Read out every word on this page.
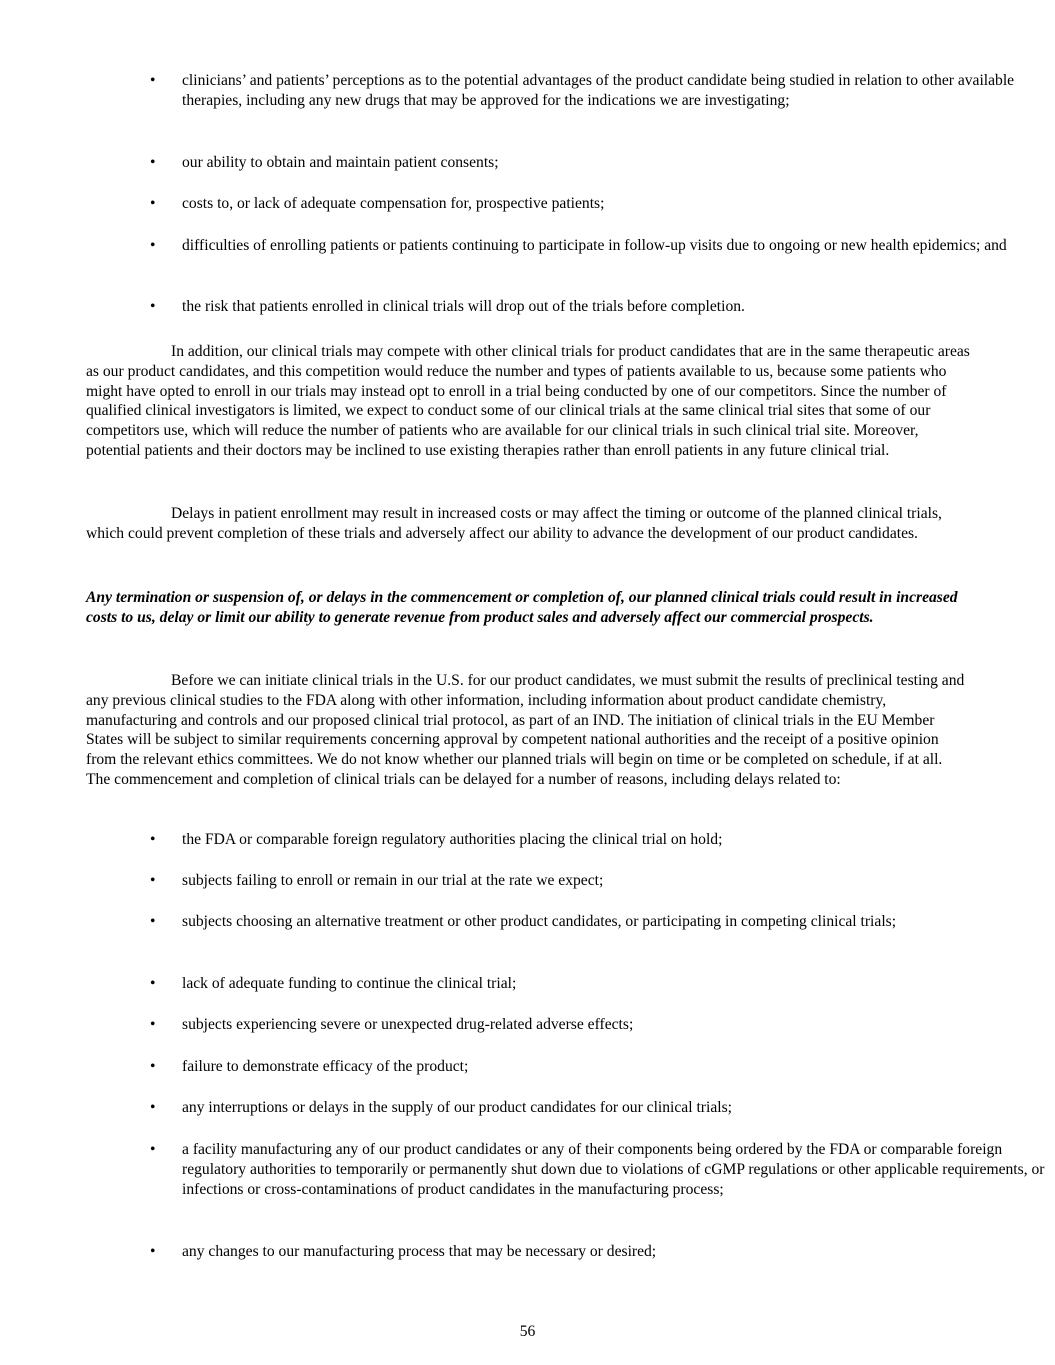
• clinicians’ and patients’ perceptions as to the potential advantages of the product candidate being studied in relation to other available therapies, including any new drugs that may be approved for the indications we are investigating;
• our ability to obtain and maintain patient consents;
• costs to, or lack of adequate compensation for, prospective patients;
• difficulties of enrolling patients or patients continuing to participate in follow-up visits due to ongoing or new health epidemics; and
• the risk that patients enrolled in clinical trials will drop out of the trials before completion.

In addition, our clinical trials may compete with other clinical trials for product candidates that are in the same therapeutic areas as our product candidates, and this competition would reduce the number and types of patients available to us, because some patients who might have opted to enroll in our trials may instead opt to enroll in a trial being conducted by one of our competitors. Since the number of qualified clinical investigators is limited, we expect to conduct some of our clinical trials at the same clinical trial sites that some of our competitors use, which will reduce the number of patients who are available for our clinical trials in such clinical trial site. Moreover, potential patients and their doctors may be inclined to use existing therapies rather than enroll patients in any future clinical trial.

Delays in patient enrollment may result in increased costs or may affect the timing or outcome of the planned clinical trials, which could prevent completion of these trials and adversely affect our ability to advance the development of our product candidates.

Any termination or suspension of, or delays in the commencement or completion of, our planned clinical trials could result in increased costs to us, delay or limit our ability to generate revenue from product sales and adversely affect our commercial prospects.

Before we can initiate clinical trials in the U.S. for our product candidates, we must submit the results of preclinical testing and any previous clinical studies to the FDA along with other information, including information about product candidate chemistry, manufacturing and controls and our proposed clinical trial protocol, as part of an IND. The initiation of clinical trials in the EU Member States will be subject to similar requirements concerning approval by competent national authorities and the receipt of a positive opinion from the relevant ethics committees. We do not know whether our planned trials will begin on time or be completed on schedule, if at all. The commencement and completion of clinical trials can be delayed for a number of reasons, including delays related to:

• the FDA or comparable foreign regulatory authorities placing the clinical trial on hold;
• subjects failing to enroll or remain in our trial at the rate we expect;
• subjects choosing an alternative treatment or other product candidates, or participating in competing clinical trials;
• lack of adequate funding to continue the clinical trial;
• subjects experiencing severe or unexpected drug-related adverse effects;
• failure to demonstrate efficacy of the product;
• any interruptions or delays in the supply of our product candidates for our clinical trials;
• a facility manufacturing any of our product candidates or any of their components being ordered by the FDA or comparable foreign regulatory authorities to temporarily or permanently shut down due to violations of cGMP regulations or other applicable requirements, or infections or cross-contaminations of product candidates in the manufacturing process;
• any changes to our manufacturing process that may be necessary or desired;
56
